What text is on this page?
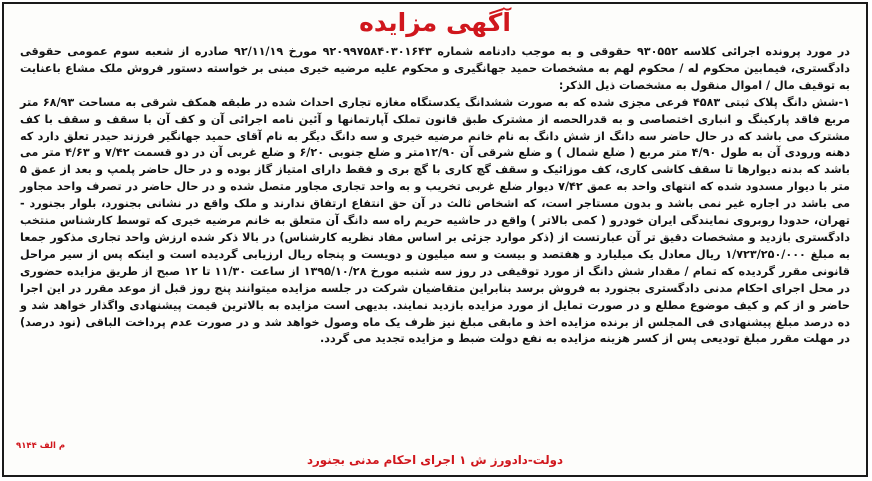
آگهی مزایده

در مورد پرونده اجرائی کلاسه ۹۳۰۵۵۲ حقوقی و به موجب دادنامه شماره ۹۲۰۹۹۷۵۸۴۰۳۰۱۶۴۳ مورخ ۹۲/۱۱/۱۹ صادره از شعبه سوم عمومی حقوقی دادگستری، فیمابین محکوم له / محکوم لهم به مشخصات حمید جهانگیری و محکوم علیه مرضیه خیری مبنی بر خواسته دستور فروش ملک مشاع باعنایت به توقیف مال / اموال منقول به مشخصات ذیل الذکر:

۱-شش دانگ پلاک ثبتی ۴۵۸۳ فرعی مجزی شده که به صورت ششدانگ یکدستگاه مغازه تجاری احداث شده در طبقه همکف شرقی به مساحت ۶۸/۹۳ متر مربع فاقد پارکینگ و انباری اختصاصی و به قدرالحصه از مشترک طبق قانون تملک آپارتمانها و آئین نامه اجرائی آن و کف آن با سقف و سقف با کف مشترک می باشد که در حال حاضر سه دانگ از شش دانگ به نام خانم مرضیه خیری و سه دانگ دیگر به نام آقای حمید جهانگیر فرزند حیدر تعلق دارد که دهنه ورودی آن به طول ۴/۹۰ متر مربع ( ضلع شمال ) و ضلع شرقی آن ۱۲/۹۰متر و ضلع جنوبی ۶/۲۰ و ضلع غربی آن در دو قسمت ۷/۴۲ و ۴/۶۳ متر می باشد که بدنه دیوارها تا سقف کاشی کاری، کف موزائیک و سقف گچ کاری با گچ بری و فقط دارای امتیاز گاز بوده و در حال حاضر پلمپ و بعد از عمق ۵ متر با دیوار مسدود شده که انتهای واحد به عمق ۷/۴۲ دیوار ضلع غربی تخریب و به واحد تجاری مجاور متصل شده و در حال حاضر در تصرف واحد مجاور می باشد در اجاره غیر نمی باشد و بدون مستاجر است، که اشخاص ثالث در آن حق انتفاع ارتفاق ندارند و ملک واقع در نشانی بجنورد، بلوار بجنورد - تهران، حدودا روبروی نمایندگی ایران خودرو ( کمی بالاتر ) واقع در حاشیه حریم راه سه دانگ آن متعلق به خانم مرضیه خیری که توسط کارشناس منتخب دادگستری بازدید و مشخصات دقیق تر آن عبارتست از (ذکر موارد جزئی بر اساس مفاد نظریه کارشناس) در بالا ذکر شده ارزش واحد تجاری مذکور جمعا به مبلغ ۱/۷۲۳/۲۵۰/۰۰۰ ریال معادل یک میلیارد و هفتصد و بیست و سه میلیون و دویست و پنجاه ریال ارزیابی گردیده است و اینکه پس از سیر مراحل قانونی مقرر گردیده که تمام / مقدار شش دانگ از مورد توقیفی در روز سه شنبه مورخ ۱۳۹۵/۱۰/۲۸ از ساعت ۱۱/۳۰ تا ۱۲ صبح از طریق مزایده حضوری در محل اجرای احکام مدنی دادگستری بجنورد به فروش برسد بنابراین متقاضیان شرکت در جلسه مزایده میتوانند پنج روز قبل از موعد مقرر در این اجرا حاضر و از کم و کیف موضوع مطلع و در صورت تمایل از مورد مزایده بازدید نمایند. بدیهی است مزایده به بالاترین قیمت پیشنهادی واگذار خواهد شد و ده درصد مبلغ پیشنهادی فی المجلس از برنده مزایده اخذ و مابقی مبلغ نیز ظرف یک ماه وصول خواهد شد و در صورت عدم پرداخت الباقی (نود درصد) در مهلت مقرر مبلغ تودیعی پس از کسر هزینه مزایده به نفع دولت ضبط و مزایده تجدید می گردد.

دولت-دادورز ش ۱ اجرای احکام مدنی بجنورد
م الف ۹۱۴۴
